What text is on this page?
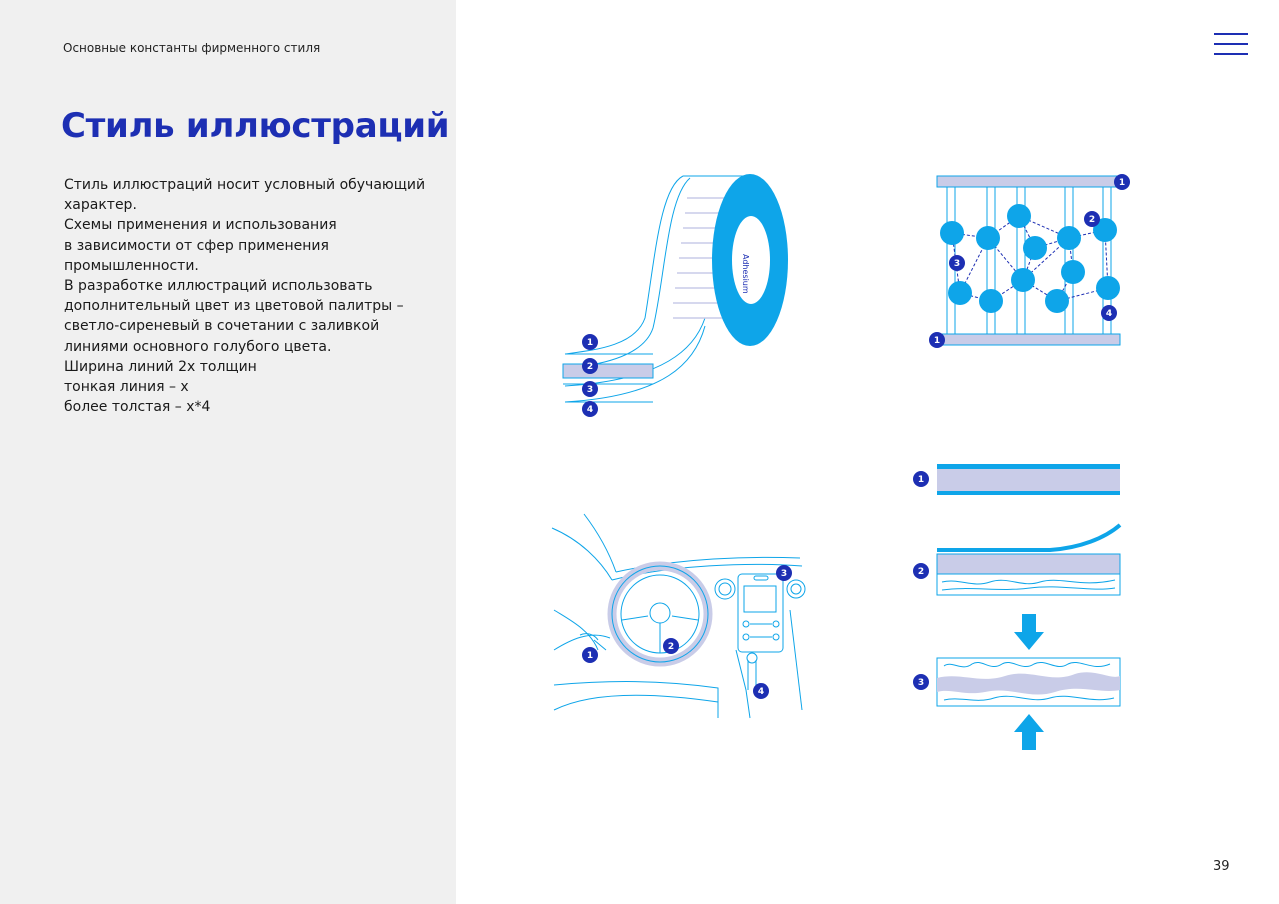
Основные константы фирменного стиля
Стиль иллюстраций

Стиль иллюстраций носит условный обучающий

характер.

Схемы применения и использования

в зависимости от сфер применения

промышленности.

В разработке иллюстраций использовать

дополнительный цвет из цветовой палитры –

светло-сиреневый в сочетании с заливкой

линиями основного голубого цвета.

Ширина линий 2х толщин

тонкая линия – х

более толстая – х*4

39
Adhesium
1
2
3
4
1
2
3
4
1
1
2
3
4
1
2
3
